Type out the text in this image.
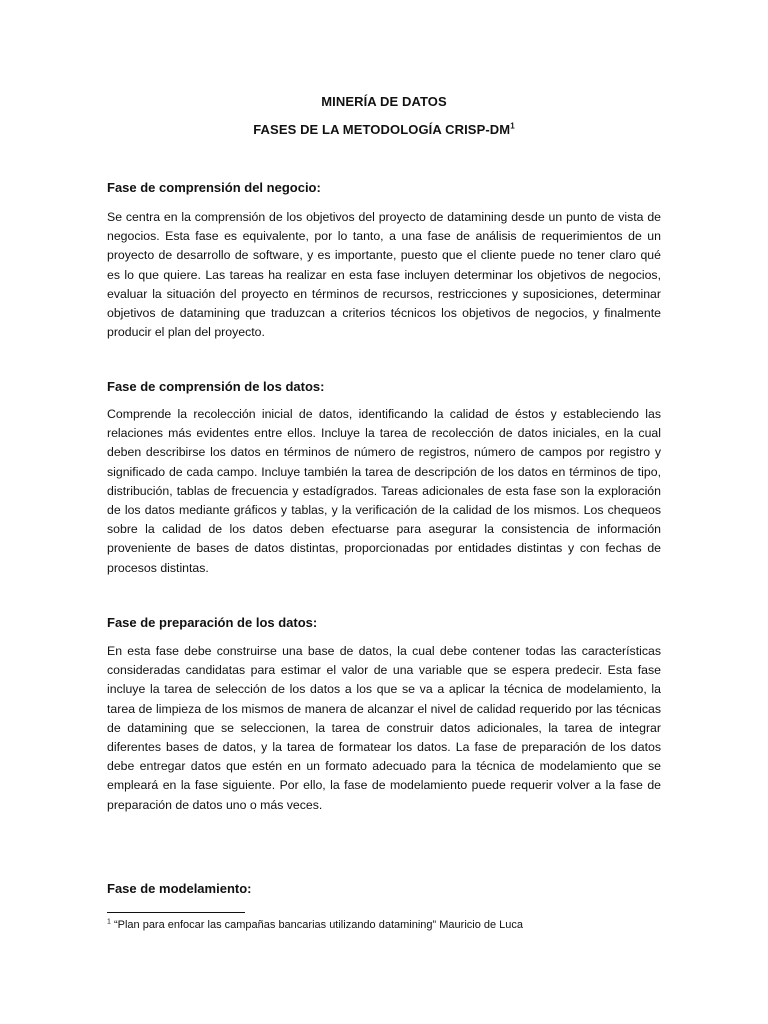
MINERÍA DE DATOS
FASES DE LA METODOLOGÍA CRISP-$DM^1$
Fase de comprensión del negocio:
Se centra en la comprensión de los objetivos del proyecto de datamining desde un punto de vista de negocios. Esta fase es equivalente, por lo tanto, a una fase de análisis de requerimientos de un proyecto de desarrollo de software, y es importante, puesto que el cliente puede no tener claro qué es lo que quiere. Las tareas ha realizar en esta fase incluyen determinar los objetivos de negocios, evaluar la situación del proyecto en términos de recursos, restricciones y suposiciones, determinar objetivos de datamining que traduzcan a criterios técnicos los objetivos de negocios, y finalmente producir el plan del proyecto.
Fase de comprensión de los datos:
Comprende la recolección inicial de datos, identificando la calidad de éstos y estableciendo las relaciones más evidentes entre ellos. Incluye la tarea de recolección de datos iniciales, en la cual deben describirse los datos en términos de número de registros, número de campos por registro y significado de cada campo. Incluye también la tarea de descripción de los datos en términos de tipo, distribución, tablas de frecuencia y estadígrados. Tareas adicionales de esta fase son la exploración de los datos mediante gráficos y tablas, y la verificación de la calidad de los mismos. Los chequeos sobre la calidad de los datos deben efectuarse para asegurar la consistencia de información proveniente de bases de datos distintas, proporcionadas por entidades distintas y con fechas de procesos distintas.
Fase de preparación de los datos:
En esta fase debe construirse una base de datos, la cual debe contener todas las características consideradas candidatas para estimar el valor de una variable que se espera predecir. Esta fase incluye la tarea de selección de los datos a los que se va a aplicar la técnica de modelamiento, la tarea de limpieza de los mismos de manera de alcanzar el nivel de calidad requerido por las técnicas de datamining que se seleccionen, la tarea de construir datos adicionales, la tarea de integrar diferentes bases de datos, y la tarea de formatear los datos. La fase de preparación de los datos debe entregar datos que estén en un formato adecuado para la técnica de modelamiento que se empleará en la fase siguiente. Por ello, la fase de modelamiento puede requerir volver a la fase de preparación de datos uno o más veces.
Fase de modelamiento:
$^1$ “Plan para enfocar las campañas bancarias utilizando datamining” Mauricio de Luca
